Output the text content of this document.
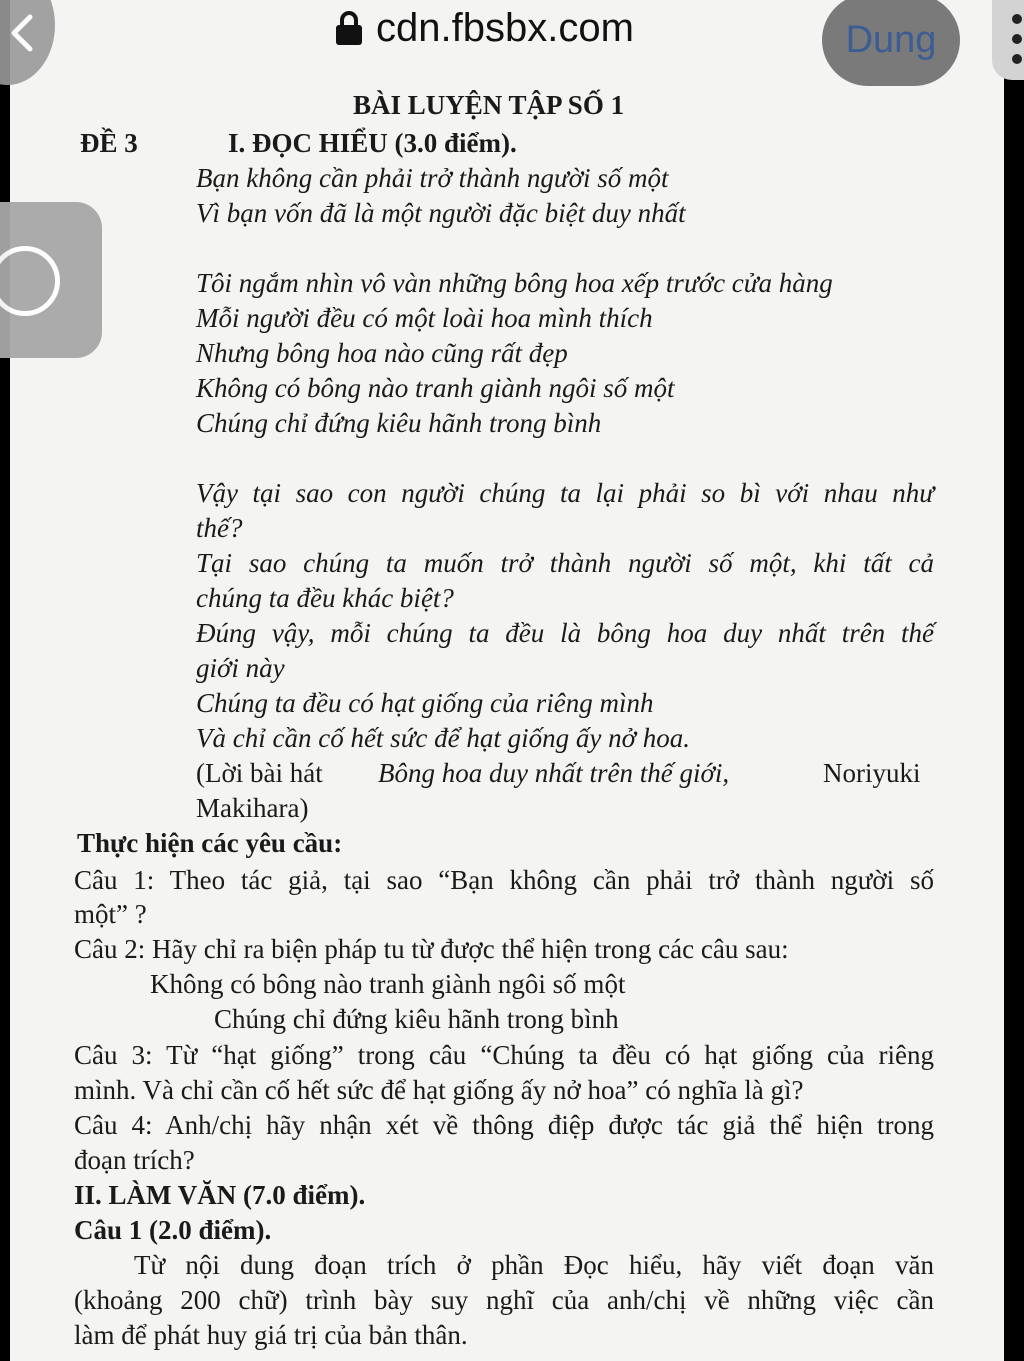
BÀI LUYỆN TẬP SỐ 1
ĐỀ 3	I. ĐỌC HIỂU (3.0 điểm).
Bạn không cần phải trở thành người số một
Vì bạn vốn đã là một người đặc biệt duy nhất
Tôi ngắm nhìn vô vàn những bông hoa xếp trước cửa hàng
Mỗi người đều có một loài hoa mình thích
Nhưng bông hoa nào cũng rất đẹp
Không có bông nào tranh giành ngôi số một
Chúng chỉ đứng kiêu hãnh trong bình
Vậy tại sao con người chúng ta lại phải so bì với nhau như
thế?
Tại sao chúng ta muốn trở thành người số một, khi tất cả
chúng ta đều khác biệt?
Đúng vậy, mỗi chúng ta đều là bông hoa duy nhất trên thế
giới này
Chúng ta đều có hạt giống của riêng mình
Và chỉ cần cố hết sức để hạt giống ấy nở hoa.
(Lời bài hát Bông hoa duy nhất trên thế giới,	Noriyuki
Makihara)
Thực hiện các yêu cầu:
Câu 1: Theo tác giả, tại sao “Bạn không cần phải trở thành người số
một” ?
Câu 2: Hãy chỉ ra biện pháp tu từ được thể hiện trong các câu sau:
Không có bông nào tranh giành ngôi số một
Chúng chỉ đứng kiêu hãnh trong bình
Câu 3: Từ “hạt giống” trong câu “Chúng ta đều có hạt giống của riêng
mình. Và chỉ cần cố hết sức để hạt giống ấy nở hoa” có nghĩa là gì?
Câu 4: Anh/chị hãy nhận xét về thông điệp được tác giả thể hiện trong
đoạn trích?
II. LÀM VĂN (7.0 điểm).
Câu 1 (2.0 điểm).
Từ nội dung đoạn trích ở phần Đọc hiểu, hãy viết đoạn văn
(khoảng 200 chữ) trình bày suy nghĩ của anh/chị về những việc cần
làm để phát huy giá trị của bản thân.
cdn.fbsbx.com	Dung
